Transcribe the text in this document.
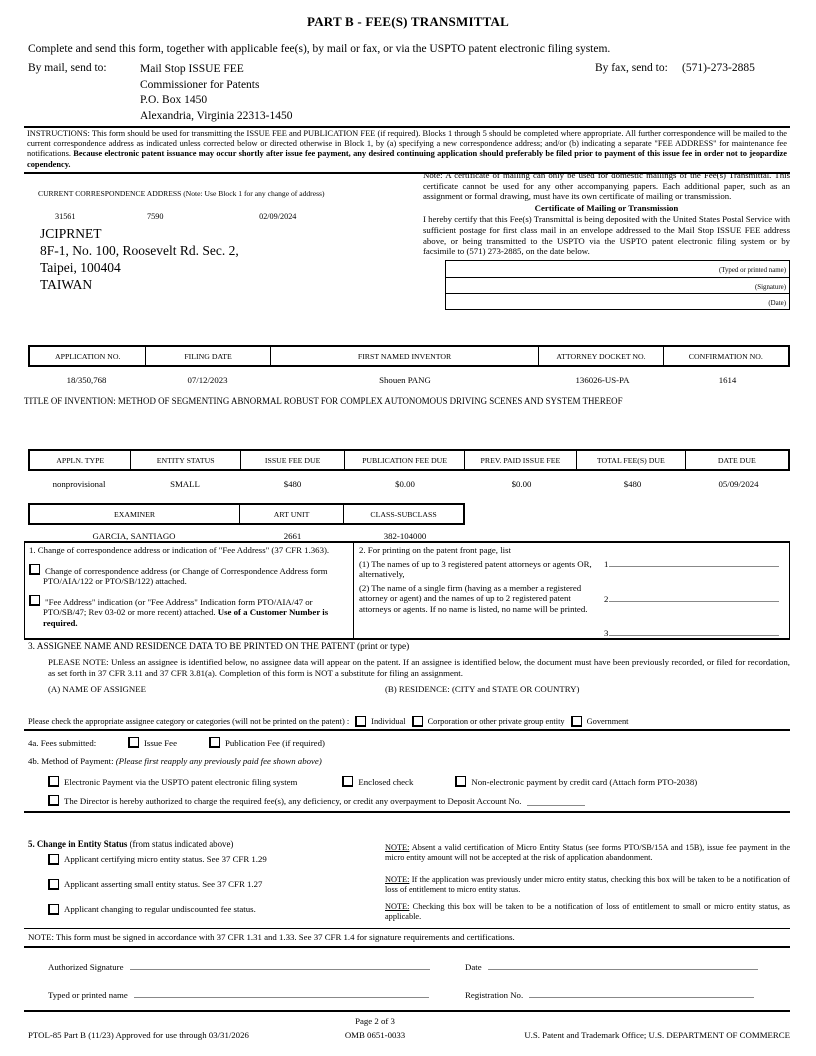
PART B - FEE(S) TRANSMITTAL
Complete and send this form, together with applicable fee(s), by mail or fax, or via the USPTO patent electronic filing system.
By mail, send to:	Mail Stop ISSUE FEE
Commissioner for Patents
P.O. Box 1450
Alexandria, Virginia 22313-1450
By fax, send to: (571)-273-2885
INSTRUCTIONS: This form should be used for transmitting the ISSUE FEE and PUBLICATION FEE (if required). Blocks 1 through 5 should be completed where appropriate. All further correspondence will be mailed to the current correspondence address as indicated unless corrected below or directed otherwise in Block 1, by (a) specifying a new correspondence address; and/or (b) indicating a separate "FEE ADDRESS" for maintenance fee notifications. Because electronic patent issuance may occur shortly after issue fee payment, any desired continuing application should preferably be filed prior to payment of this issue fee in order not to jeopardize copendency.
CURRENT CORRESPONDENCE ADDRESS (Note: Use Block 1 for any change of address)
31561	7590	02/09/2024
JCIPRNET
8F-1, No. 100, Roosevelt Rd. Sec. 2,
Taipei, 100404
TAIWAN
Note: A certificate of mailing can only be used for domestic mailings of the Fee(s) Transmittal. This certificate cannot be used for any other accompanying papers. Each additional paper, such as an assignment or formal drawing, must have its own certificate of mailing or transmission.
Certificate of Mailing or Transmission
I hereby certify that this Fee(s) Transmittal is being deposited with the United States Postal Service with sufficient postage for first class mail in an envelope addressed to the Mail Stop ISSUE FEE address above, or being transmitted to the USPTO via the USPTO patent electronic filing system or by facsimile to (571) 273-2885, on the date below.
(Typed or printed name)
(Signature)
(Date)
APPLICATION NO.	FILING DATE	FIRST NAMED INVENTOR	ATTORNEY DOCKET NO.	CONFIRMATION NO.
18/350,768	07/12/2023	Shouen PANG	136026-US-PA	1614
TITLE OF INVENTION: METHOD OF SEGMENTING ABNORMAL ROBUST FOR COMPLEX AUTONOMOUS DRIVING SCENES AND SYSTEM THEREOF
APPLN. TYPE	ENTITY STATUS	ISSUE FEE DUE	PUBLICATION FEE DUE	PREV. PAID ISSUE FEE	TOTAL FEE(S) DUE	DATE DUE
nonprovisional	SMALL	$480	$0.00	$0.00	$480	05/09/2024
EXAMINER	ART UNIT	CLASS-SUBCLASS
GARCIA, SANTIAGO	2661	382-104000
1. Change of correspondence address or indication of "Fee Address" (37 CFR 1.363).
Change of correspondence address (or Change of Correspondence Address form PTO/AIA/122 or PTO/SB/122) attached.
"Fee Address" indication (or "Fee Address" Indication form PTO/AIA/47 or PTO/SB/47; Rev 03-02 or more recent) attached. Use of a Customer Number is required.

2. For printing on the patent front page, list

(1) The names of up to 3 registered patent attorneys or agents OR, alternatively,

(2) The name of a single firm (having as a member a registered attorney or agent) and the names of up to 2 registered patent attorneys or agents. If no name is listed, no name will be printed.

1
2
3
3. ASSIGNEE NAME AND RESIDENCE DATA TO BE PRINTED ON THE PATENT (print or type)
PLEASE NOTE: Unless an assignee is identified below, no assignee data will appear on the patent. If an assignee is identified below, the document must have been previously recorded, or filed for recordation, as set forth in 37 CFR 3.11 and 37 CFR 3.81(a). Completion of this form is NOT a substitute for filing an assignment.
(A) NAME OF ASSIGNEE	(B) RESIDENCE: (CITY and STATE OR COUNTRY)
Please check the appropriate assignee category or categories (will not be printed on the patent) :	Individual	Corporation or other private group entity	Government
4a. Fees submitted:	Issue Fee	Publication Fee (if required)
4b. Method of Payment: (Please first reapply any previously paid fee shown above)
Electronic Payment via the USPTO patent electronic filing system	Enclosed check	Non-electronic payment by credit card (Attach form PTO-2038)
The Director is hereby authorized to charge the required fee(s), any deficiency, or credit any overpayment to Deposit Account No.
5. Change in Entity Status (from status indicated above)
Applicant certifying micro entity status. See 37 CFR 1.29
Applicant asserting small entity status. See 37 CFR 1.27
Applicant changing to regular undiscounted fee status.
NOTE: Absent a valid certification of Micro Entity Status (see forms PTO/SB/15A and 15B), issue fee payment in the micro entity amount will not be accepted at the risk of application abandonment.
NOTE: If the application was previously under micro entity status, checking this box will be taken to be a notification of loss of entitlement to micro entity status.
NOTE: Checking this box will be taken to be a notification of loss of entitlement to small or micro entity status, as applicable.
NOTE: This form must be signed in accordance with 37 CFR 1.31 and 1.33. See 37 CFR 1.4 for signature requirements and certifications.
Authorized Signature	Date
Typed or printed name	Registration No.
Page 2 of 3
PTOL-85 Part B (11/23) Approved for use through 03/31/2026	OMB 0651-0033	U.S. Patent and Trademark Office; U.S. DEPARTMENT OF COMMERCE
